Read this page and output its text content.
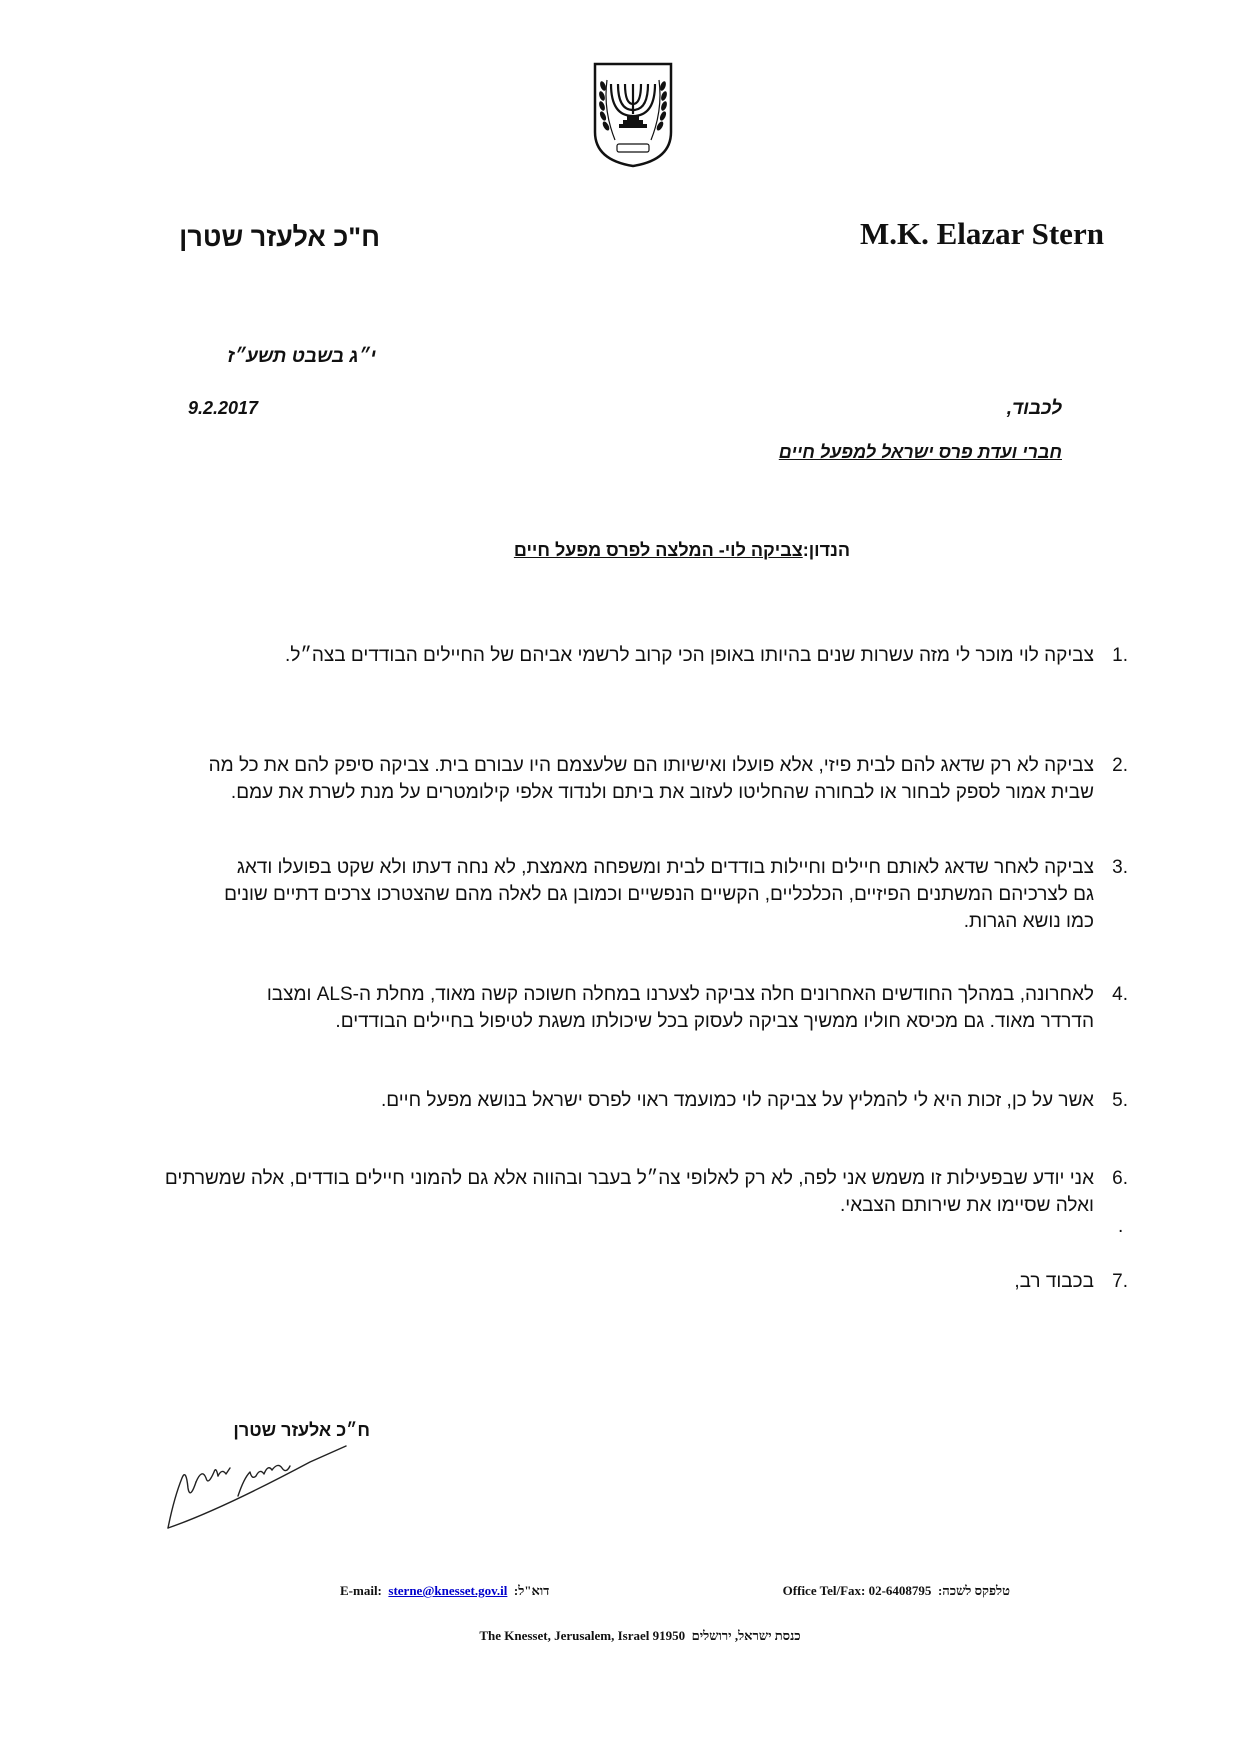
M.K. Elazar Stern
ח"כ אלעזר שטרן
י״ג בשבט תשע״ז
9.2.2017	לכבוד,
חברי ועדת פרס ישראל למפעל חיים
הנדון:צביקה לוי- המלצה לפרס מפעל חיים
.1
צביקה לוי מוכר לי מזה עשרות שנים בהיותו באופן הכי קרוב לרשמי אביהם של החיילים הבודדים בצה״ל.
.2
צביקה לא רק שדאג להם לבית פיזי, אלא פועלו ואישיותו הם שלעצמם היו עבורם בית. צביקה סיפק להם את כל מה שבית אמור לספק לבחור או לבחורה שהחליטו לעזוב את ביתם ולנדוד אלפי קילומטרים על מנת לשרת את עמם.
.3
צביקה לאחר שדאג לאותם חיילים וחיילות בודדים לבית ומשפחה מאמצת, לא נחה דעתו ולא שקט בפועלו ודאג גם לצרכיהם המשתנים הפיזיים, הכלכליים, הקשיים הנפשיים וכמובן גם לאלה מהם שהצטרכו צרכים דתיים שונים כמו נושא הגרות.
.4
לאחרונה, במהלך החודשים האחרונים חלה צביקה לצערנו במחלה חשוכה קשה מאוד, מחלת ה-ALS ומצבו הדרדר מאוד. גם מכיסא חוליו ממשיך צביקה לעסוק בכל שיכולתו משגת לטיפול בחיילים הבודדים.
.5
אשר על כן, זכות היא לי להמליץ על צביקה לוי כמועמד ראוי לפרס ישראל בנושא מפעל חיים.
.6
אני יודע שבפעילות זו משמש אני לפה, לא רק לאלופי צה״ל בעבר ובהווה אלא גם להמוני חיילים בודדים, אלה שמשרתים ואלה שסיימו את שירותם הצבאי.
.
.7
בכבוד רב,
ח״כ אלעזר שטרן
E-mail: sterne@knesset.gov.il דוא"ל:	Office Tel/Fax: 02-6408795 טלפקס לשכה:
The Knesset, Jerusalem, Israel 91950 כנסת ישראל, ירושלים
